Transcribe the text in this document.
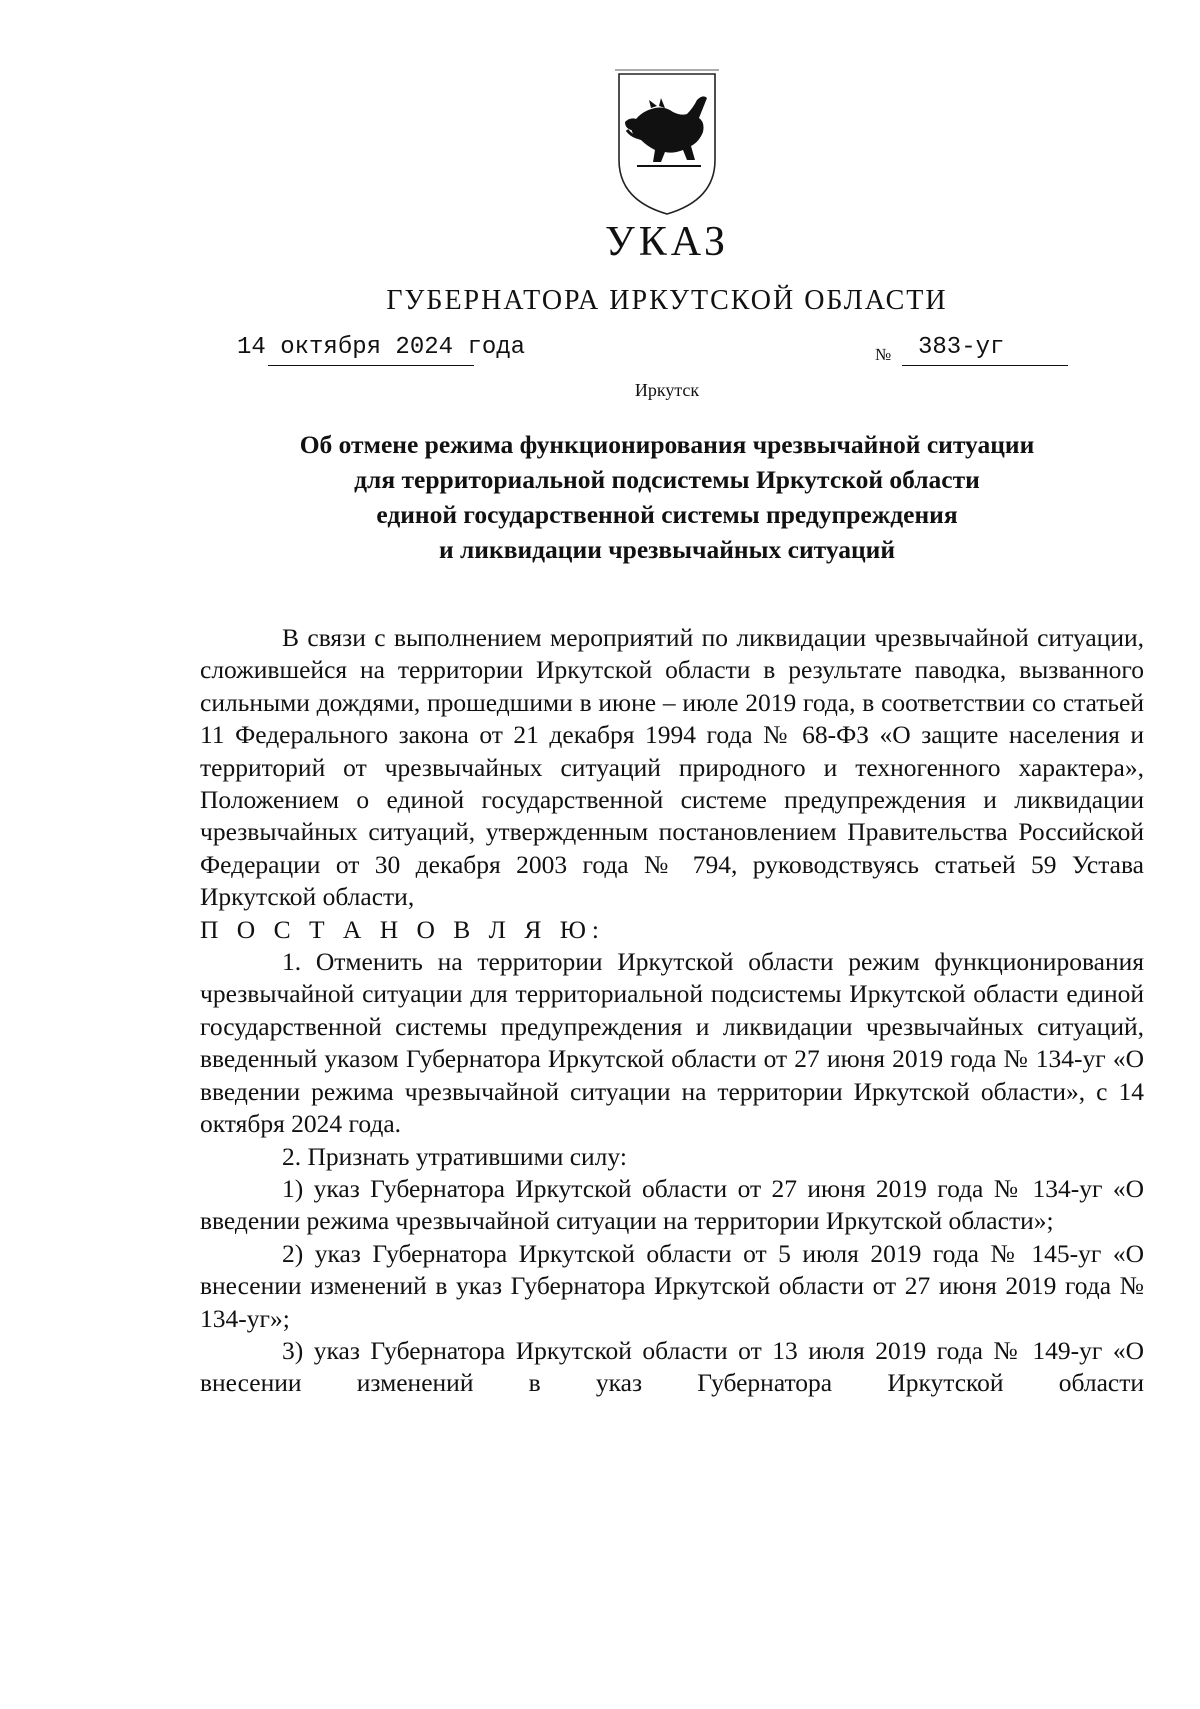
УКАЗ
ГУБЕРНАТОРА ИРКУТСКОЙ ОБЛАСТИ
14 октября 2024 года	№ 383-уг
Иркутск
Об отмене режима функционирования чрезвычайной ситуации
для территориальной подсистемы Иркутской области
единой государственной системы предупреждения
и ликвидации чрезвычайных ситуаций

В связи с выполнением мероприятий по ликвидации чрезвычайной ситуации, сложившейся на территории Иркутской области в результате паводка, вызванного сильными дождями, прошедшими в июне – июле 2019 года, в соответствии со статьей 11 Федерального закона от 21 декабря 1994 года № 68-ФЗ «О защите населения и территорий от чрезвычайных ситуаций природного и техногенного характера», Положением о единой государственной системе предупреждения и ликвидации чрезвычайных ситуаций, утвержденным постановлением Правительства Российской Федерации от 30 декабря 2003 года № 794, руководствуясь статьей 59 Устава Иркутской области,

П О С Т А Н О В Л Я Ю:

1. Отменить на территории Иркутской области режим функционирования чрезвычайной ситуации для территориальной подсистемы Иркутской области единой государственной системы предупреждения и ликвидации чрезвычайных ситуаций, введенный указом Губернатора Иркутской области от 27 июня 2019 года № 134-уг «О введении режима чрезвычайной ситуации на территории Иркутской области», с 14 октября 2024 года.

2. Признать утратившими силу:

1) указ Губернатора Иркутской области от 27 июня 2019 года № 134-уг «О введении режима чрезвычайной ситуации на территории Иркутской области»;

2) указ Губернатора Иркутской области от 5 июля 2019 года № 145-уг «О внесении изменений в указ Губернатора Иркутской области от 27 июня 2019 года № 134-уг»;

3) указ Губернатора Иркутской области от 13 июля 2019 года № 149-уг «О внесении изменений в указ Губернатора Иркутской области
